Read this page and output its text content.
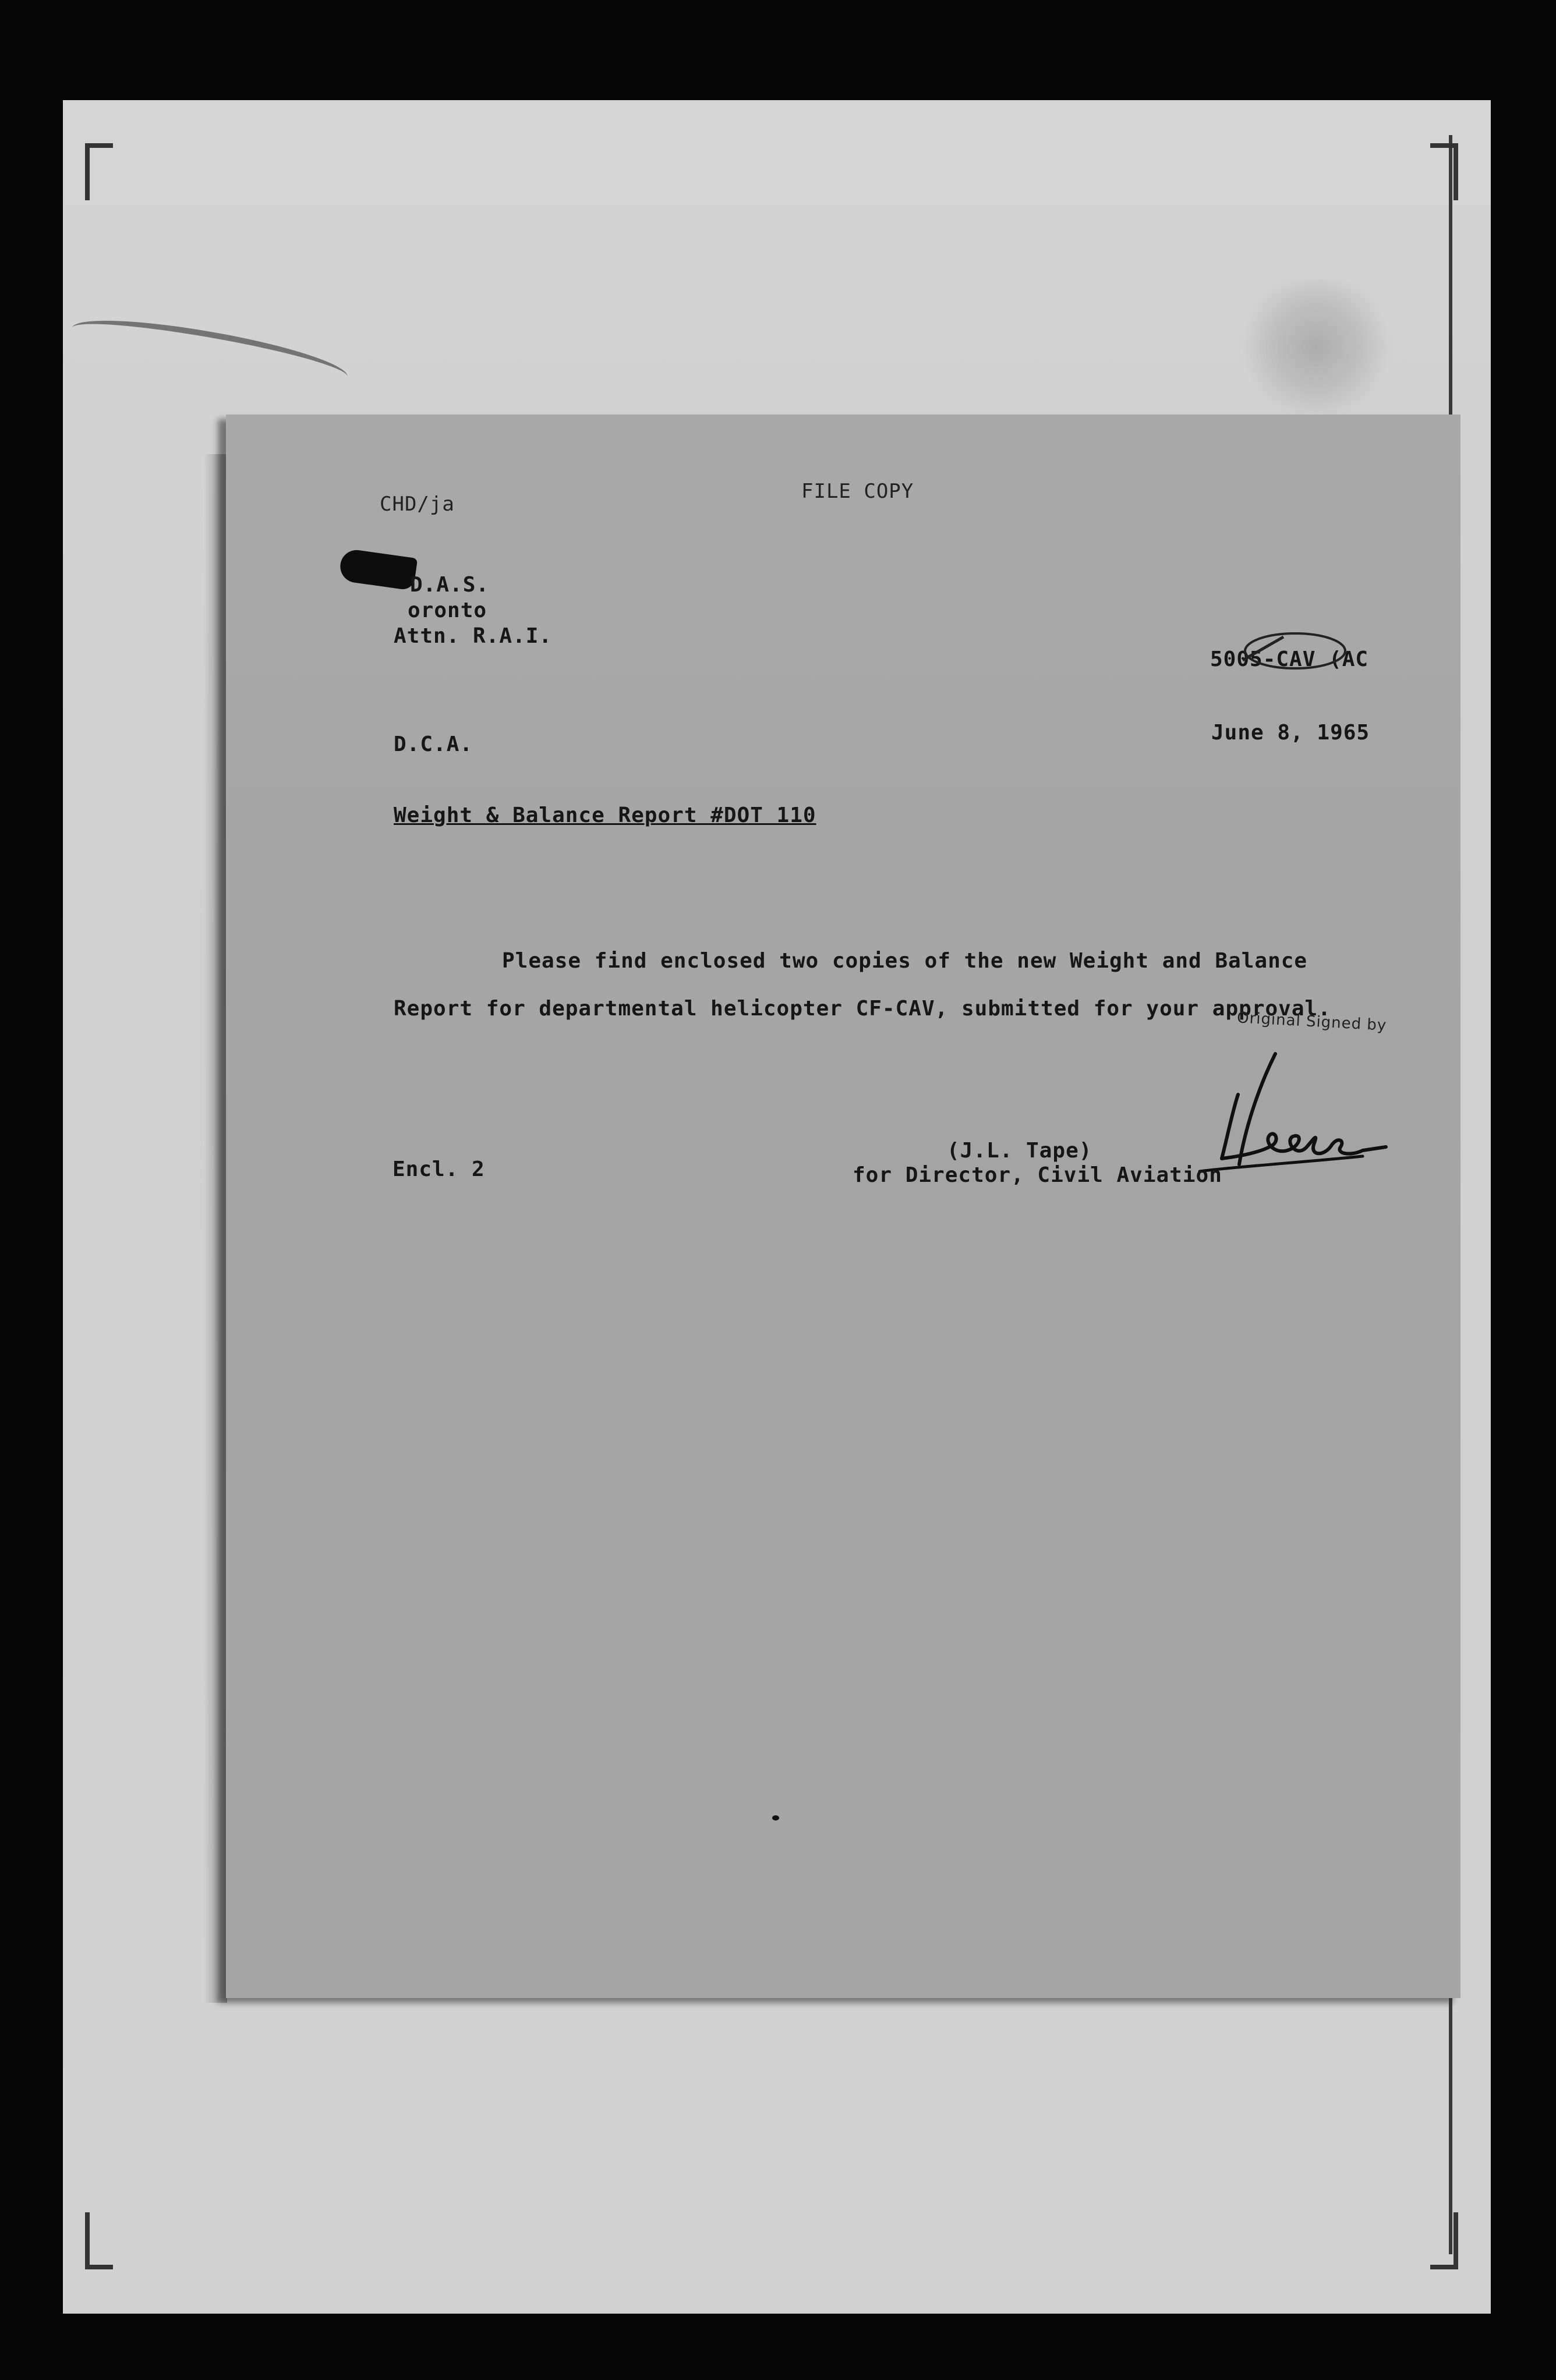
CHD/ja
FILE COPY
D.A.S.
oronto
Attn. R.A.I.
5005-CAV (AC
D.C.A.	June 8, 1965
Weight & Balance Report #DOT 110
Please find enclosed two copies of the new Weight and Balance
Report for departmental helicopter CF-CAV, submitted for your approval.
Original Signed by
(J.L. Tape)
for Director, Civil Aviation
Encl. 2
